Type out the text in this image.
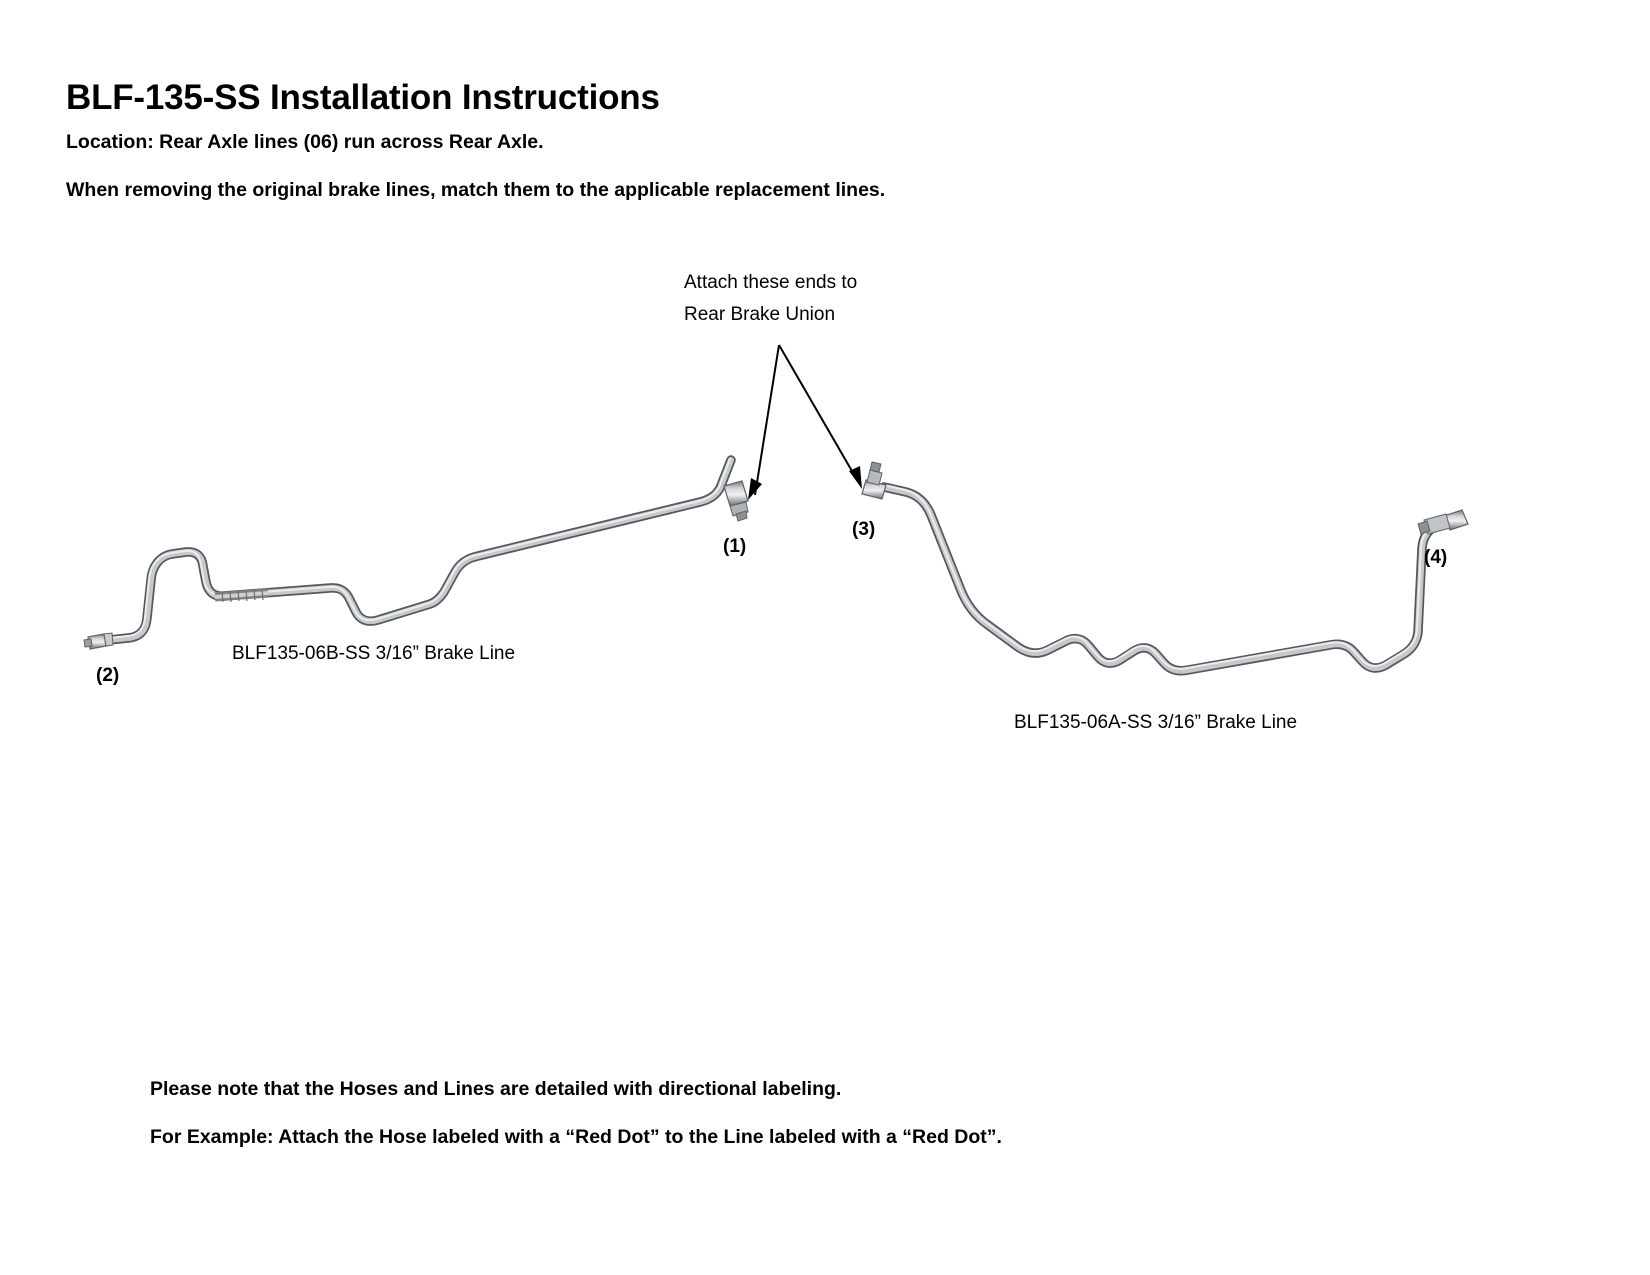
BLF-135-SS Installation Instructions
Location: Rear Axle lines (06) run across Rear Axle.
When removing the original brake lines, match them to the applicable replacement lines.
Attach these ends to
Rear Brake Union
BLF135-06B-SS 3/16” Brake Line
BLF135-06A-SS 3/16” Brake Line
(1)
(2)
(3)
(4)
Please note that the Hoses and Lines are detailed with directional labeling.
For Example: Attach the Hose labeled with a “Red Dot” to the Line labeled with a “Red Dot”.
